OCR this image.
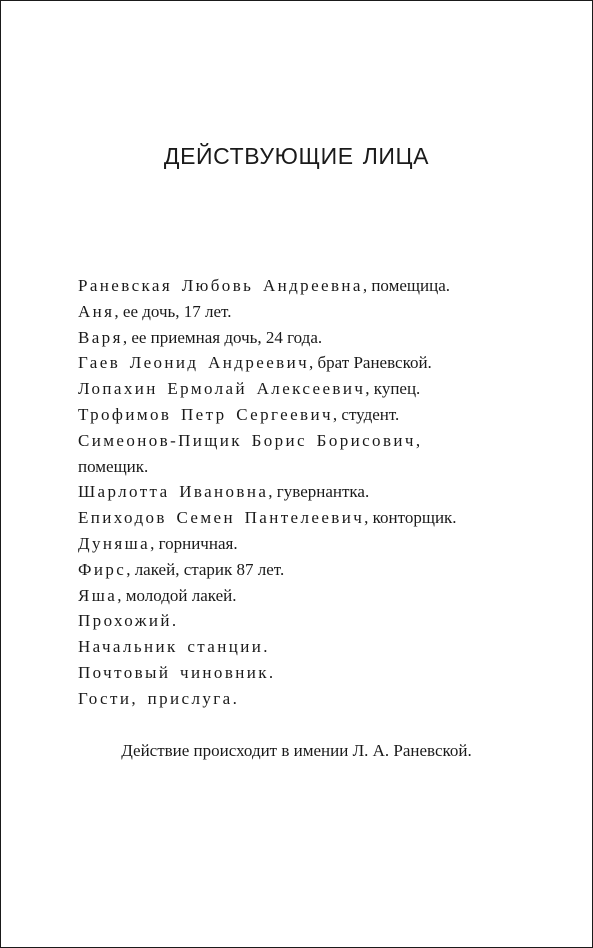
ДЕЙСТВУЮЩИЕ ЛИЦА
Раневская Любовь Андреевна, помещица.
Аня, ее дочь, 17 лет.
Варя, ее приемная дочь, 24 года.
Гаев Леонид Андреевич, брат Раневской.
Лопахин Ермолай Алексеевич, купец.
Трофимов Петр Сергеевич, студент.
Симеонов-Пищик Борис Борисович,
помещик.
Шарлотта Ивановна, гувернантка.
Епиходов Семен Пантелеевич, конторщик.
Дуняша, горничная.
Фирс, лакей, старик 87 лет.
Яша, молодой лакей.
Прохожий.
Начальник станции.
Почтовый чиновник.
Гости, прислуга.

Действие происходит в имении Л. А. Раневской.
